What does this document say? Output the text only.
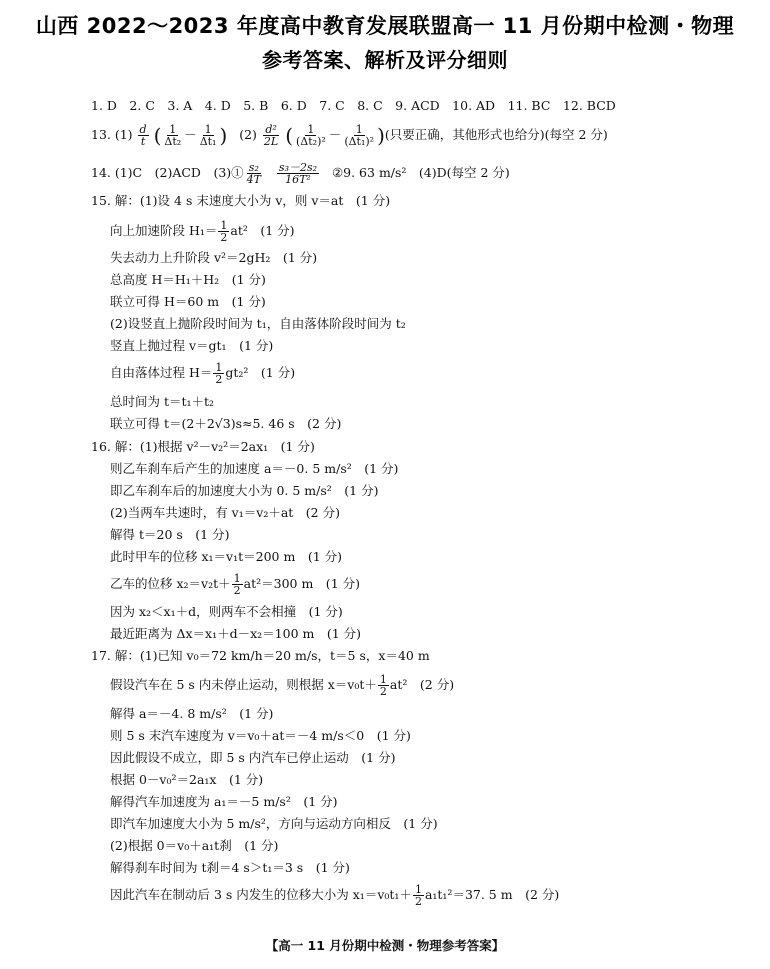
山西 2022～2023 年度高中教育发展联盟高一 11 月份期中检测・物理
参考答案、解析及评分细则
1. D　2. C　3. A　4. D　5. B　6. D　7. C　8. C　9. ACD　10. AD　11. BC　12. BCD
13. $(1) \frac{d}{t}$ ( $\frac{1}{\text{Δt₂}} - \frac{1}{\text{Δt₁}}$ ) $(2) \frac{\text{d²}}{2L}$ ( $\frac{1}{\text{(Δt₂)²}} - \frac{1}{\text{(Δt₁)²}}$ )(只要正确，其他形式也给分)(每空 2 分)
14. (1)C　(2)ACD　(3)① $\frac{\text{s₂}}{4T}$
$\frac{\text{s₃－2s₂}}{\text{16T²}}$ ②9. 63 m/s²　(4)D(每空 2 分)
15. 解：(1)设 4 s 末速度大小为 v，则 v＝at　(1 分)
向上加速阶段 $H_1= \frac{1}{2} at^2$　(1 分)
失去动力上升阶段 v²＝2gH₂　(1 分)
总高度 H＝H₁＋H₂　(1 分)
联立可得 H＝60 m　(1 分)
(2)设竖直上抛阶段时间为 t₁，自由落体阶段时间为 t₂
竖直上抛过程 v＝gt₁　(1 分)
自由落体过程 $H= \frac{1}{2} gt_2^2$　(1 分)
总时间为 t＝t₁＋t₂
联立可得 t＝(2＋2√3)s≈5. 46 s　(2 分)
16. 解：(1)根据 v²－v₂²＝2ax₁　(1 分)
则乙车刹车后产生的加速度 a＝－0. 5 m/s²　(1 分)
即乙车刹车后的加速度大小为 0. 5 m/s²　(1 分)
(2)当两车共速时，有 v₁＝v₂＋at　(2 分)
解得 t＝20 s　(1 分)
此时甲车的位移 x₁＝v₁t＝200 m　(1 分)
乙车的位移 $x_2=v_2t+ \frac{1}{2} at^2=300$ m　(1 分)
因为 x₂＜x₁＋d，则两车不会相撞　(1 分)
最近距离为 Δx＝x₁＋d－x₂＝100 m　(1 分)
17. 解：(1)已知 v₀＝72 km/h＝20 m/s，t＝5 s，x＝40 m
假设汽车在 5 s 内未停止运动，则根据 $x=v_0t+ \frac{1}{2} at^2$　(2 分)
解得 a＝－4. 8 m/s²　(1 分)
则 5 s 末汽车速度为 v＝v₀＋at＝－4 m/s＜0　(1 分)
因此假设不成立，即 5 s 内汽车已停止运动　(1 分)
根据 0－v₀²＝2a₁x　(1 分)
解得汽车加速度为 a₁＝－5 m/s²　(1 分)
即汽车加速度大小为 5 m/s²，方向与运动方向相反　(1 分)
(2)根据 0＝v₀＋a₁t刹　(1 分)
解得刹车时间为 t刹＝4 s＞t₁＝3 s　(1 分)
因此汽车在制动后 3 s 内发生的位移大小为 $x_1=v_0t_1+ \frac{1}{2} a_1t_1^2=37$. 5 m　(2 分)
【高一 11 月份期中检测・物理参考答案】
